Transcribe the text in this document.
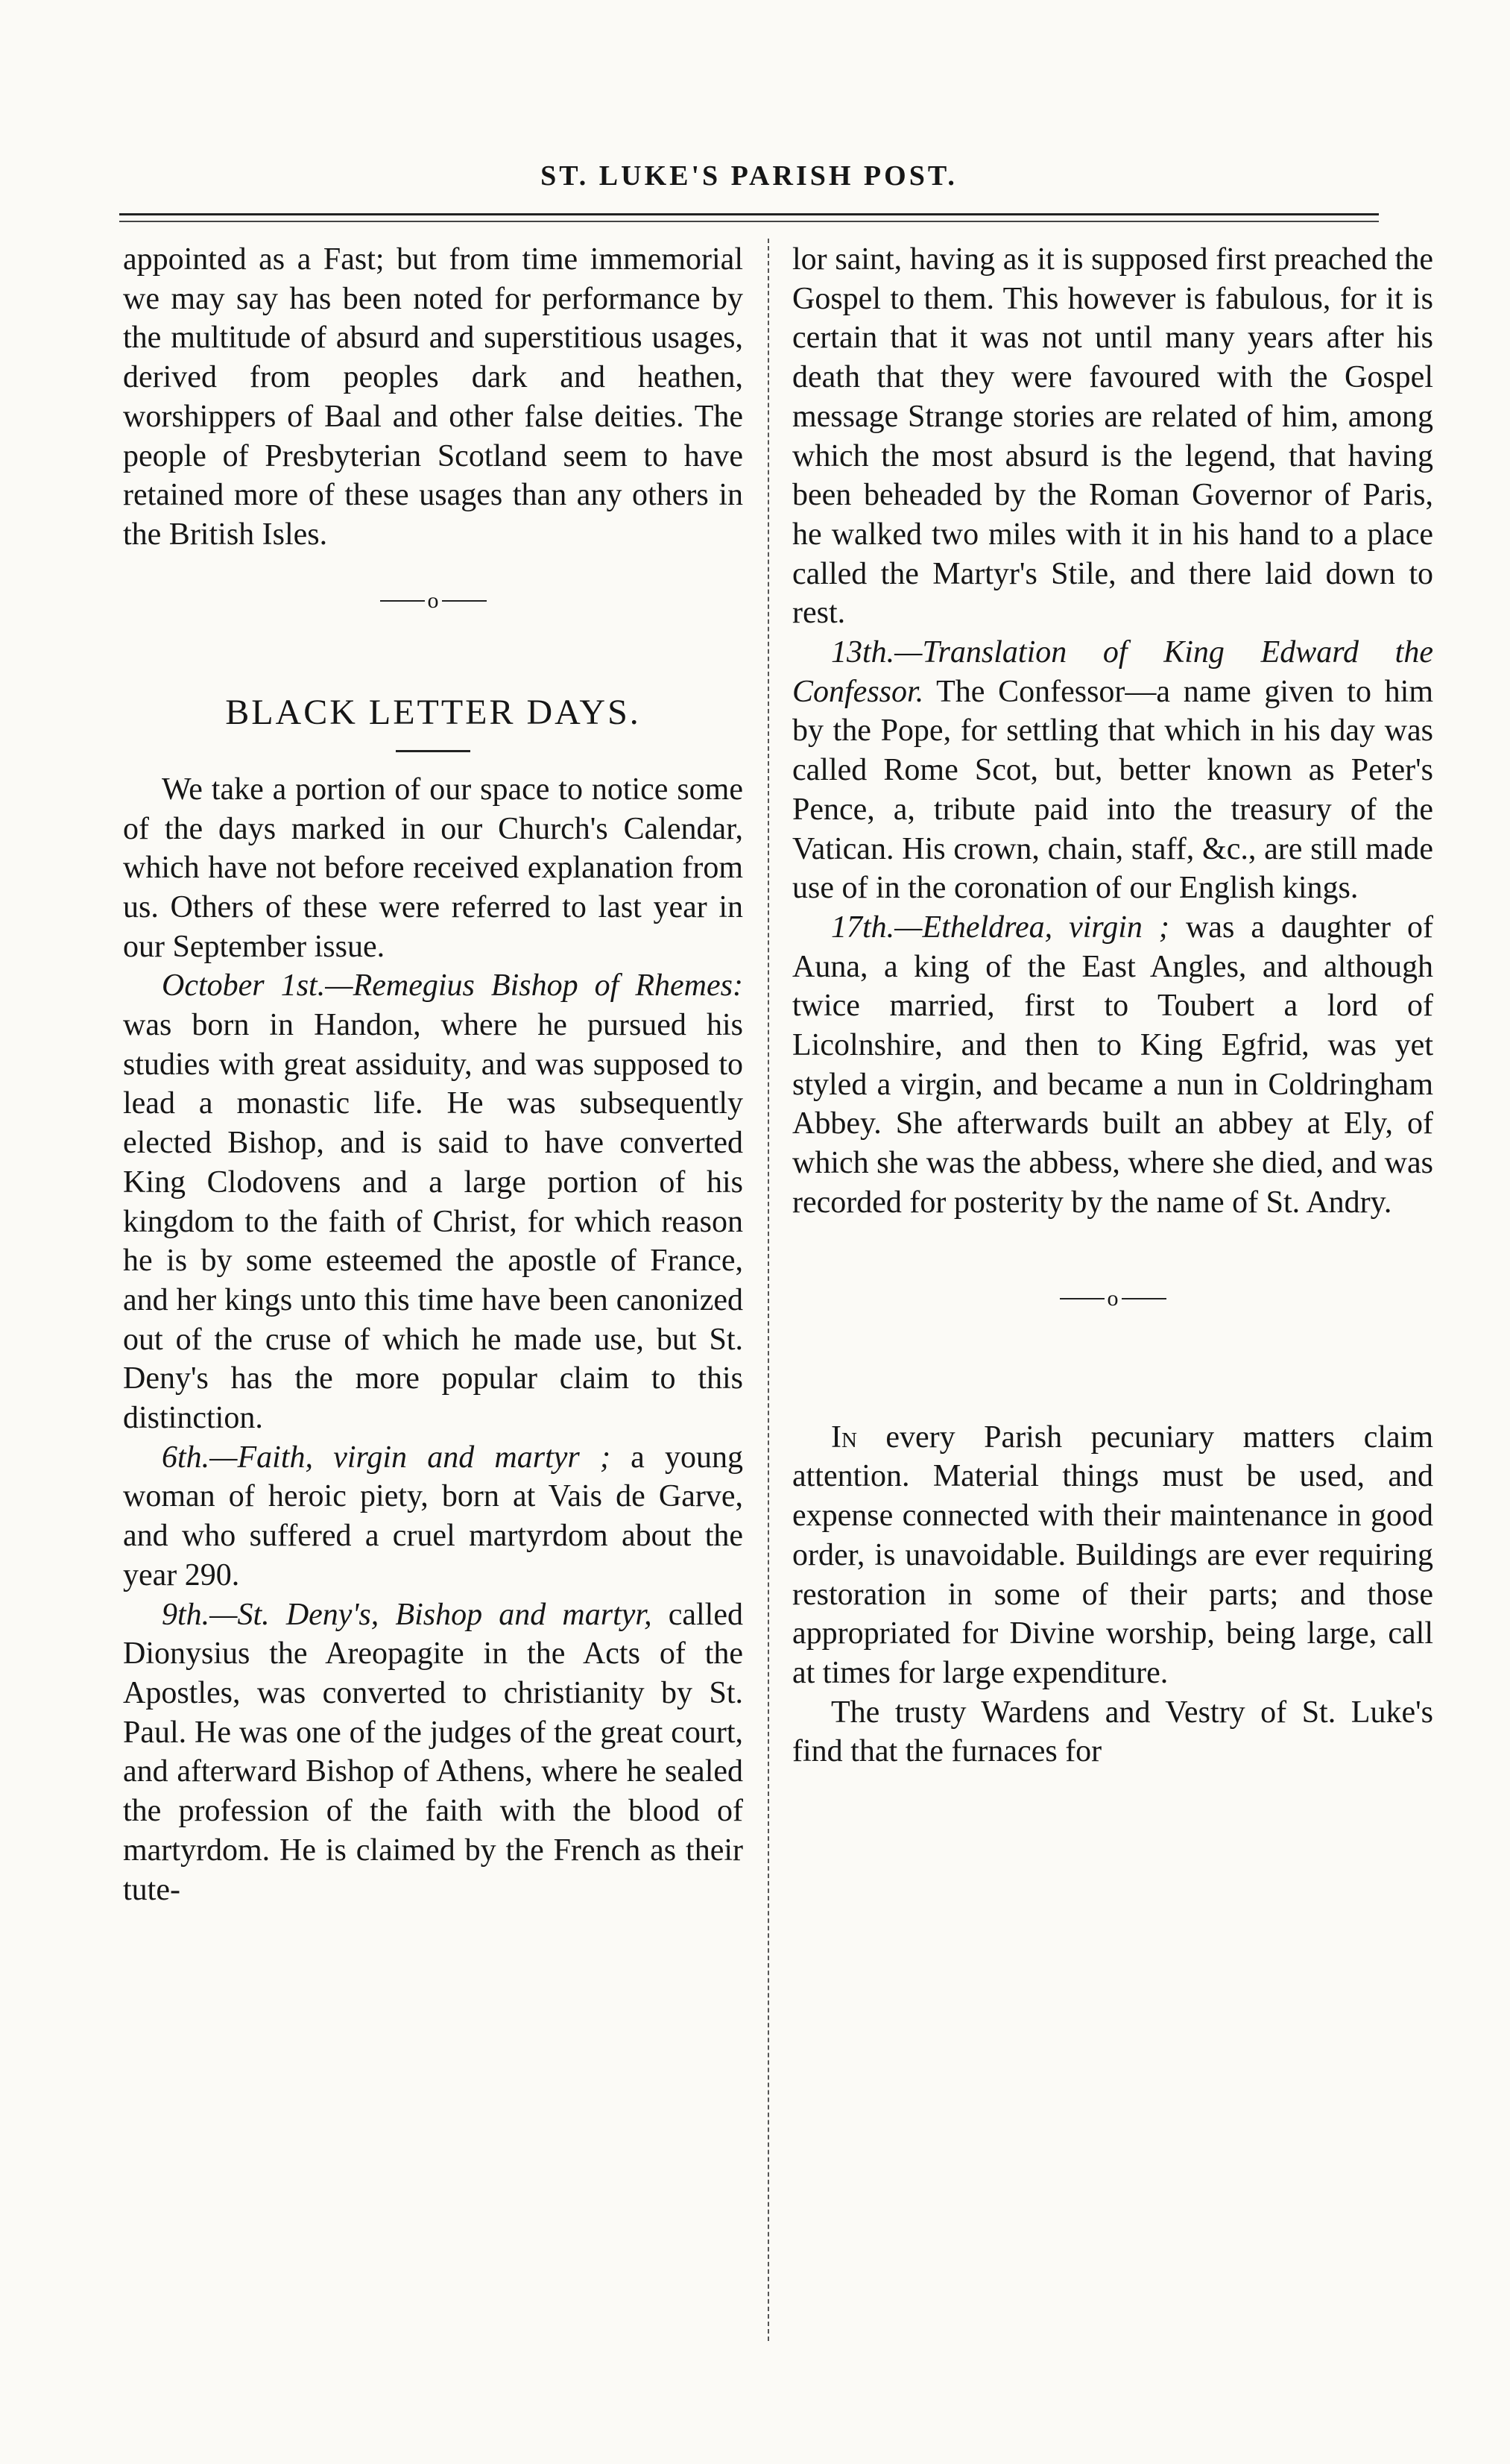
ST. LUKE'S PARISH POST.

appointed as a Fast; but from time immemorial we may say has been noted for performance by the multitude of absurd and superstitious usages, derived from peoples dark and heathen, worshippers of Baal and other false deities. The people of Presbyterian Scotland seem to have retained more of these usages than any others in the British Isles.

o
BLACK LETTER DAYS.

We take a portion of our space to notice some of the days marked in our Church's Calendar, which have not before received explanation from us. Others of these were referred to last year in our September issue.

October 1st.—Remegius Bishop of Rhemes: was born in Handon, where he pursued his studies with great assiduity, and was supposed to lead a monastic life. He was subsequently elected Bishop, and is said to have converted King Clodovens and a large portion of his kingdom to the faith of Christ, for which reason he is by some esteemed the apostle of France, and her kings unto this time have been canonized out of the cruse of which he made use, but St. Deny's has the more popular claim to this distinction.

6th.—Faith, virgin and martyr ; a young woman of heroic piety, born at Vais de Garve, and who suffered a cruel martyrdom about the year 290.

9th.—St. Deny's, Bishop and martyr, called Dionysius the Areopagite in the Acts of the Apostles, was converted to christianity by St. Paul. He was one of the judges of the great court, and afterward Bishop of Athens, where he sealed the profession of the faith with the blood of martyrdom. He is claimed by the French as their tute-

lor saint, having as it is supposed first preached the Gospel to them. This however is fabulous, for it is certain that it was not until many years after his death that they were favoured with the Gospel message Strange stories are related of him, among which the most absurd is the legend, that having been beheaded by the Roman Governor of Paris, he walked two miles with it in his hand to a place called the Martyr's Stile, and there laid down to rest.

13th.—Translation of King Edward the Confessor. The Confessor—a name given to him by the Pope, for settling that which in his day was called Rome Scot, but, better known as Peter's Pence, a, tribute paid into the treasury of the Vatican. His crown, chain, staff, &c., are still made use of in the coronation of our English kings.

17th.—Etheldrea, virgin ; was a daughter of Auna, a king of the East Angles, and although twice married, first to Toubert a lord of Licolnshire, and then to King Egfrid, was yet styled a virgin, and became a nun in Coldringham Abbey. She afterwards built an abbey at Ely, of which she was the abbess, where she died, and was recorded for posterity by the name of St. Andry.

o

In every Parish pecuniary matters claim attention. Material things must be used, and expense connected with their maintenance in good order, is unavoidable. Buildings are ever requiring restoration in some of their parts; and those appropriated for Divine worship, being large, call at times for large expenditure.

The trusty Wardens and Vestry of St. Luke's find that the furnaces for
